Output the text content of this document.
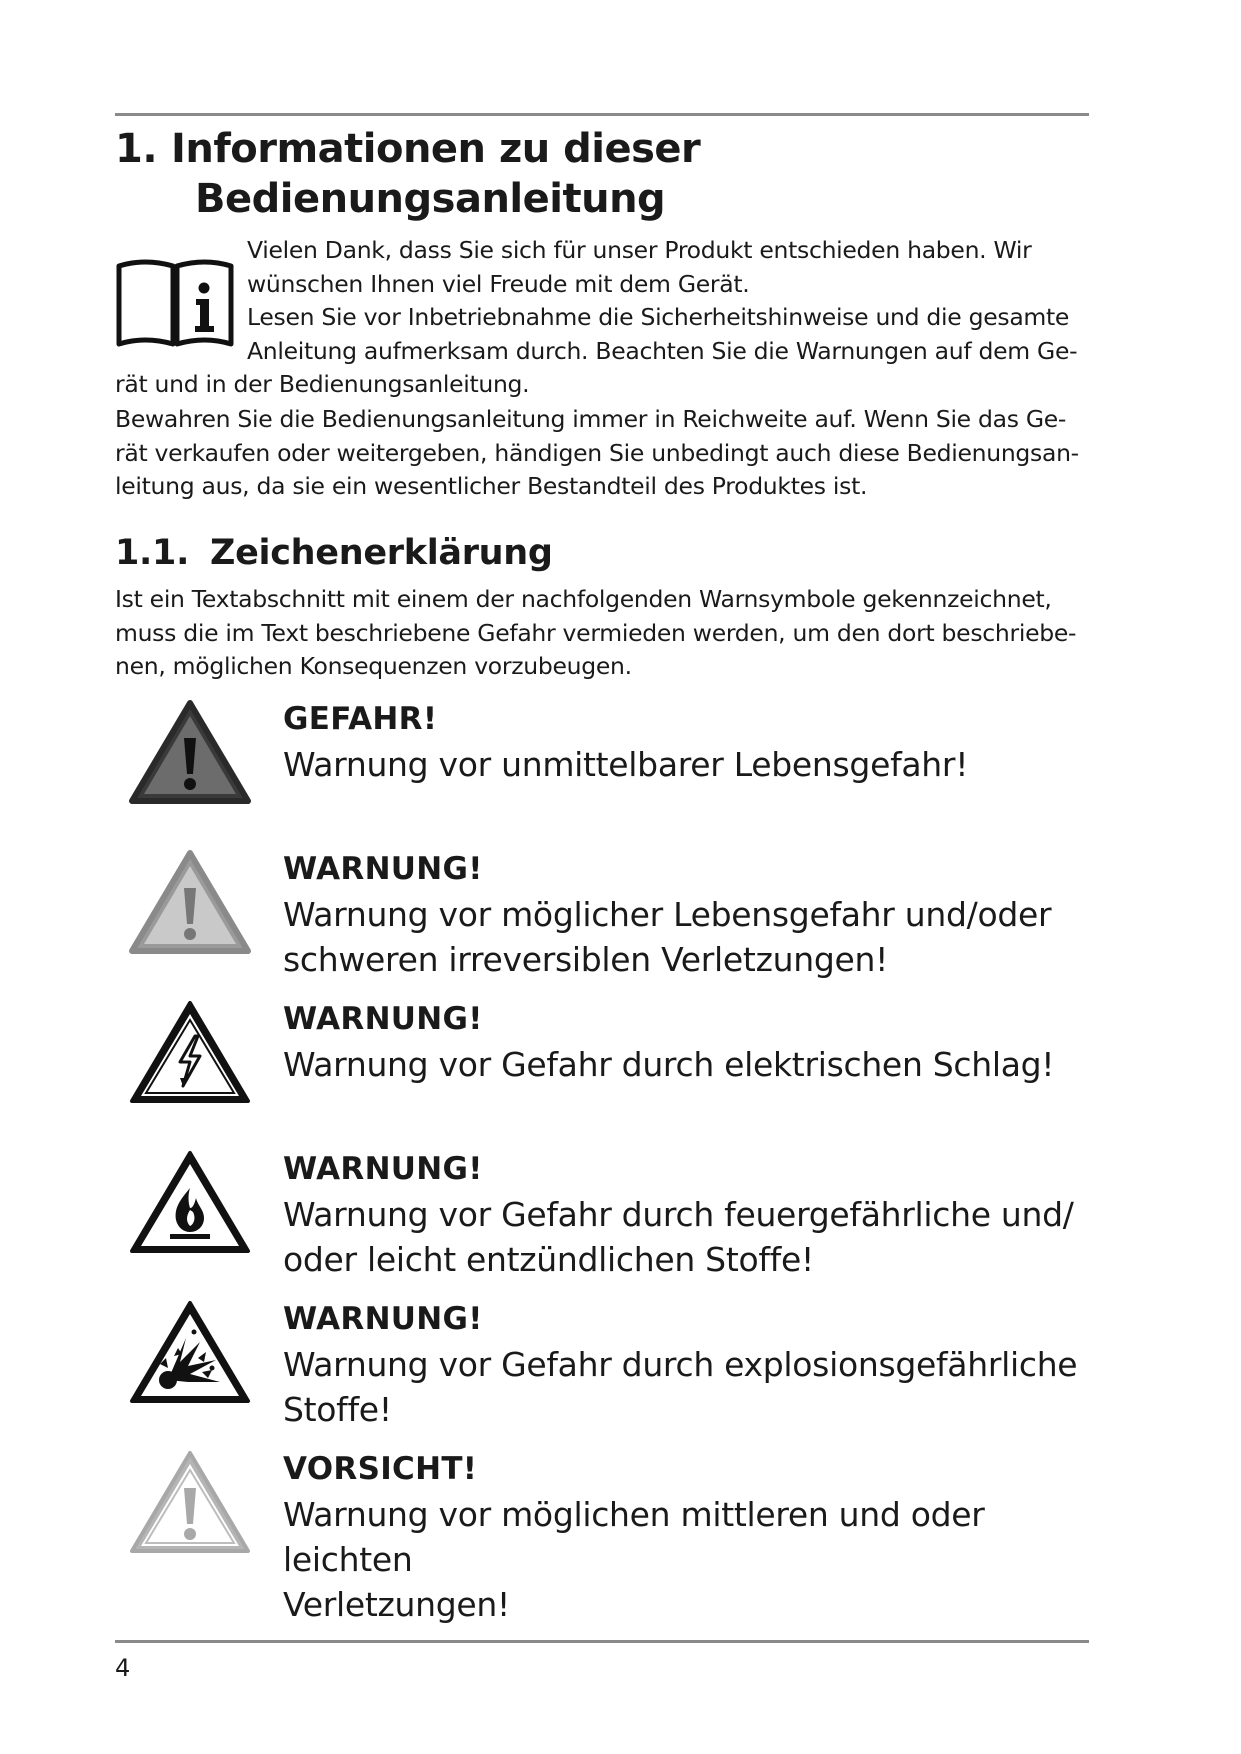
1. Informationen zu dieser
Bedienungsanleitung

Vielen Dank, dass Sie sich für unser Produkt entschieden haben. Wir
wünschen Ihnen viel Freude mit dem Gerät.
Lesen Sie vor Inbetriebnahme die Sicherheitshinweise und die gesamte
Anleitung aufmerksam durch. Beachten Sie die Warnungen auf dem Ge-

rät und in der Bedienungsanleitung.

Bewahren Sie die Bedienungsanleitung immer in Reichweite auf. Wenn Sie das Ge-
rät verkaufen oder weitergeben, händigen Sie unbedingt auch diese Bedienungsan-
leitung aus, da sie ein wesentlicher Bestandteil des Produktes ist.

1.1. Zeichenerklärung

Ist ein Textabschnitt mit einem der nachfolgenden Warnsymbole gekennzeichnet,
muss die im Text beschriebene Gefahr vermieden werden, um den dort beschriebe-
nen, möglichen Konsequenzen vorzubeugen.

GEFAHR!
Warnung vor unmittelbarer Lebensgefahr!
WARNUNG!
Warnung vor möglicher Lebensgefahr und/oder
schweren irreversiblen Verletzungen!
WARNUNG!
Warnung vor Gefahr durch elektrischen Schlag!
WARNUNG!
Warnung vor Gefahr durch feuergefährliche und/
oder leicht entzündlichen Stoffe!
WARNUNG!
Warnung vor Gefahr durch explosionsgefährliche
Stoffe!
VORSICHT!
Warnung vor möglichen mittleren und oder leichten
Verletzungen!
4
